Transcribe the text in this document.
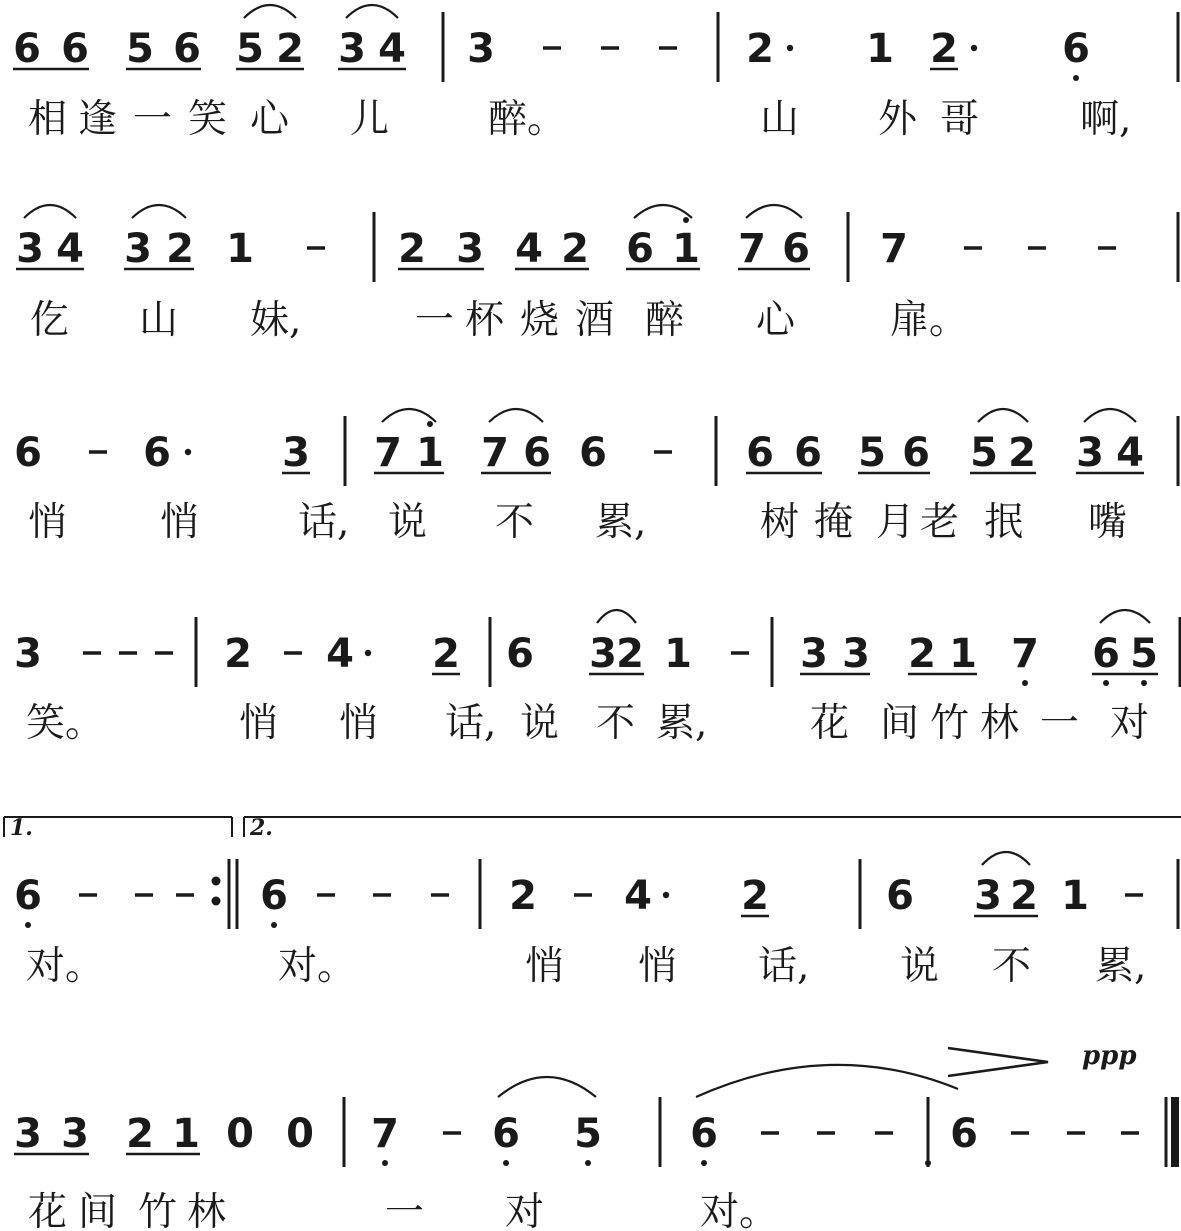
6 6 5 6 5 2 3 4 3	2 1 2	6
相 逢 一 笑 心 儿	醉。	山 外 哥	啊,
3 4 3 2 1	2 3 4 2 6 1 7 6 7
仡 山 妹,	一 杯 烧 酒 醉 心 扉。
6	6	3 7 1 7 6 6	6 6 5 6 5 2 3 4
悄 悄	话, 说 不 累,	树 掩 月 老 抿 嘴
3	2 4 2 6 3 2 1	3 3 2 1 7 6 5
笑。	悄 悄 话, 说 不 累,	花 间 竹 林 一 对
6	6	2 4 2	6 3 2 1
对。	对。	悄 悄 话, 说 不 累,
3 3 2 1 0 0 7 6 5 6	6
花 间 竹 林	一 对	对。
1.	2.
ppp
